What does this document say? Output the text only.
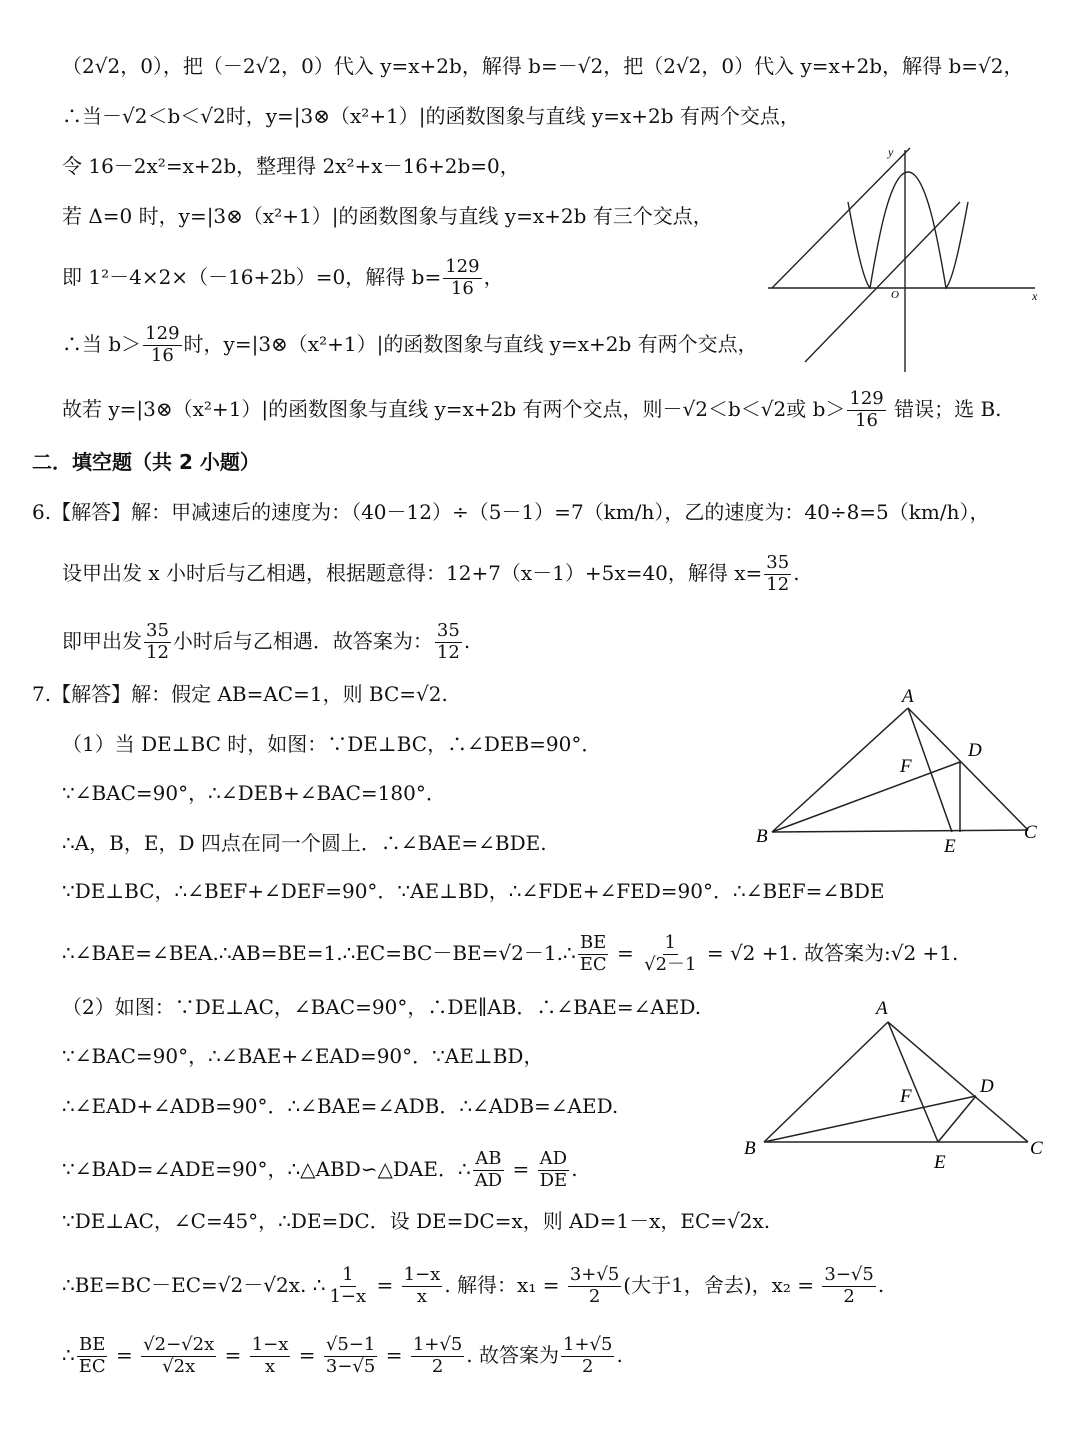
（2√2，0），把（－2√2，0）代入 y=x+2b，解得 b=－√2，把（2√2，0）代入 y=x+2b，解得 b=√2，
∴当－√2＜b＜√2时，y=|3⊗（x²+1）|的函数图象与直线 y=x+2b 有两个交点，
令 16－2x²=x+2b，整理得 2x²+x－16+2b=0，
若 Δ=0 时，y=|3⊗（x²+1）|的函数图象与直线 y=x+2b 有三个交点，
即 1²－4×2×（－16+2b）=0，解得 $b= \frac{129}{16}$ ，
∴当 $b> \frac{129}{16}$ 时，y=|3⊗（x²+1）|的函数图象与直线 y=x+2b 有两个交点，
故若 y=|3⊗（x²+1）|的函数图象与直线 y=x+2b 有两个交点，则－√2＜b＜√2或 $b> \frac{129}{16}$ 错误；选 B.
二．填空题（共 2 小题）
6.【解答】解：甲减速后的速度为：（40－12）÷（5－1）=7（km/h），乙的速度为：40÷8=5（km/h），
设甲出发 x 小时后与乙相遇，根据题意得：12+7（x－1）+5x=40，解得 $x= \frac{35}{12}$ .
即甲出发 $\frac{35}{12}$ 小时后与乙相遇．故答案为： $\frac{35}{12}$ .
7.【解答】解：假定 AB=AC=1，则 BC=√2.
（1）当 DE⊥BC 时，如图：∵DE⊥BC，∴∠DEB=90°．
∵∠BAC=90°，∴∠DEB+∠BAC=180°．
∴A，B，E，D 四点在同一个圆上．∴∠BAE=∠BDE.
∵DE⊥BC，∴∠BEF+∠DEF=90°．∵AE⊥BD，∴∠FDE+∠FED=90°．∴∠BEF=∠BDE
∴∠BAE=∠BEA.∴AB=BE=1.∴EC=BC－BE=√2－1.∴ $\frac{BE}{EC} = \frac{1}{√2-1} = √2 +1$. 故答案为:√2 +1.
（2）如图：∵DE⊥AC，∠BAC=90°，∴DE∥AB．∴∠BAE=∠AED.
∵∠BAC=90°，∴∠BAE+∠EAD=90°．∵AE⊥BD，
∴∠EAD+∠ADB=90°．∴∠BAE=∠ADB．∴∠ADB=∠AED.
∵∠BAD=∠ADE=90°，∴△ABD∽△DAE．∴ $\frac{AB}{AD} = \frac{AD}{DE}$ .
∵DE⊥AC，∠C=45°，∴DE=DC．设 DE=DC=x，则 AD=1－x，EC=√2x.
∴BE=BC－EC=√2－√2x. ∴ $\frac{1}{1-x} = \frac{1-x}{x}$ . 解得：$x_1 = \frac{3+√5}{2}$ (大于1，舍去)，$x_2 = \frac{3-√5}{2}$ .
∴ $\frac{BE}{EC} = \frac{√2-√2x}{√2x} = \frac{1-x}{x} = \frac{√5-1}{3-√5} = \frac{1+√5}{2}$ . 故答案为 $\frac{1+√5}{2}$ .
y
x
O
A
B	C
D
E
F
A
B	C
D
E
F
